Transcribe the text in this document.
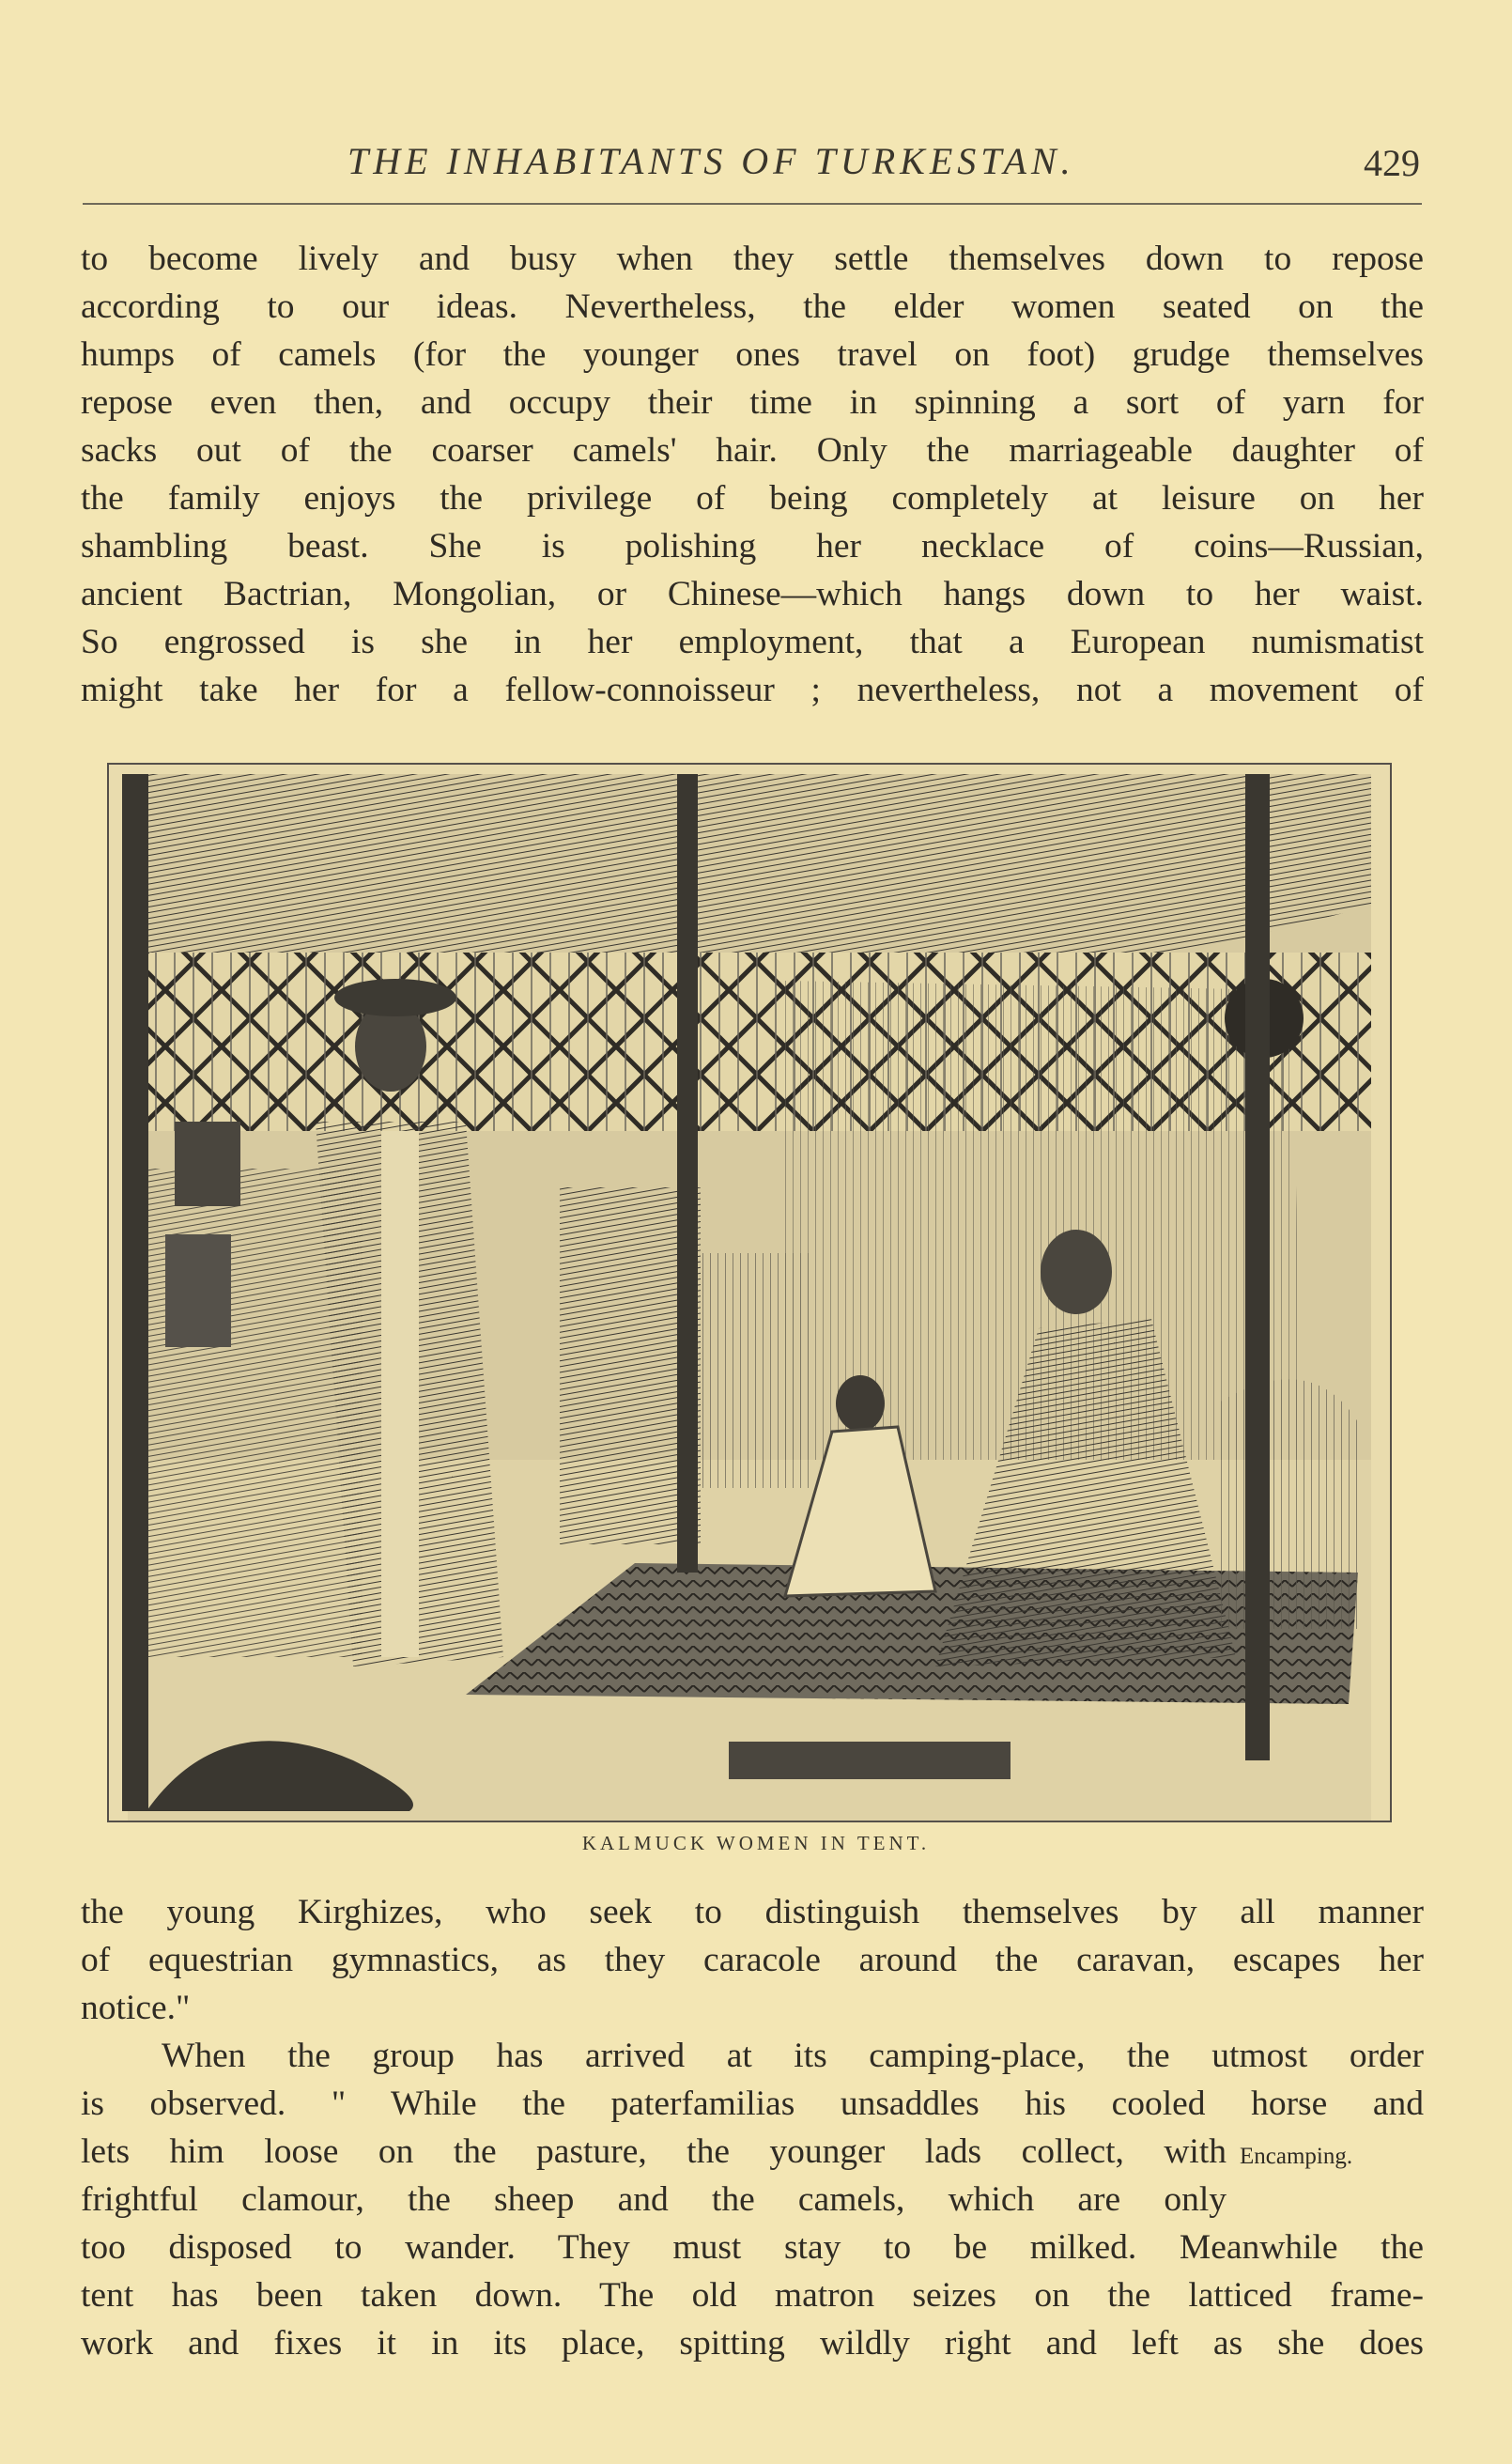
THE INHABITANTS OF TURKESTAN.	429
to become lively and busy when they settle themselves down to repose
according to our ideas. Nevertheless, the elder women seated on the
humps of camels (for the younger ones travel on foot) grudge themselves
repose even then, and occupy their time in spinning a sort of yarn for
sacks out of the coarser camels' hair. Only the marriageable daughter of
the family enjoys the privilege of being completely at leisure on her
shambling beast. She is polishing her necklace of coins—Russian,
ancient Bactrian, Mongolian, or Chinese—which hangs down to her waist.
So engrossed is she in her employment, that a European numismatist
might take her for a fellow-connoisseur ; nevertheless, not a movement of
KALMUCK WOMEN IN TENT.
the young Kirghizes, who seek to distinguish themselves by all manner
of equestrian gymnastics, as they caracole around the caravan, escapes her
notice."
When the group has arrived at its camping-place, the utmost order
is observed. " While the paterfamilias unsaddles his cooled horse and
lets him loose on the pasture, the younger lads collect, with
frightful clamour, the sheep and the camels, which are only
too disposed to wander. They must stay to be milked. Meanwhile the
tent has been taken down. The old matron seizes on the latticed frame-
work and fixes it in its place, spitting wildly right and left as she does
Encamping.
